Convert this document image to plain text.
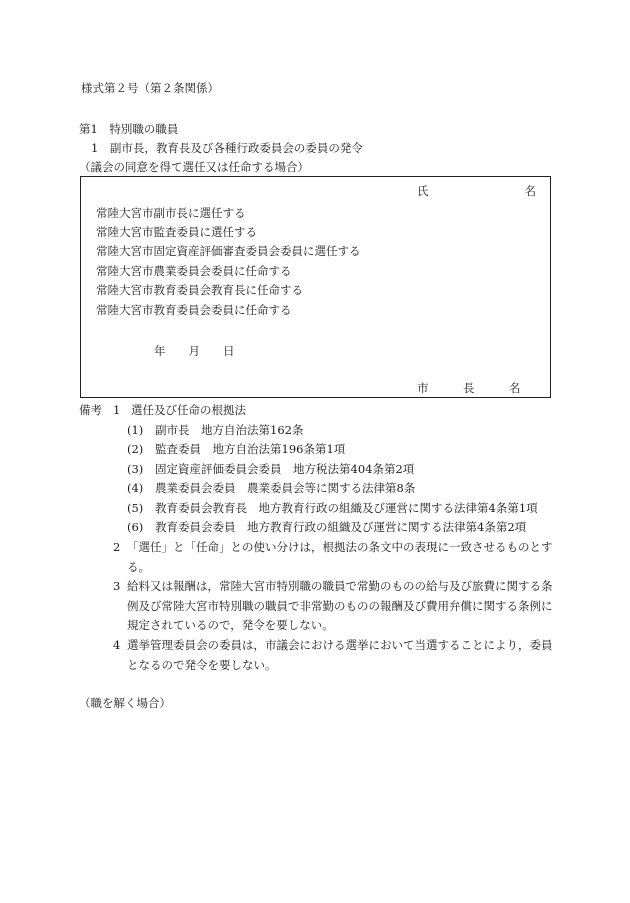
様式第２号（第２条関係）
第1　特別職の職員
1　副市長，教育長及び各種行政委員会の委員の発令
（議会の同意を得て選任又は任命する場合）
氏　　　　　　名
常陸大宮市副市長に選任する
常陸大宮市監査委員に選任する
常陸大宮市固定資産評価審査委員会委員に選任する
常陸大宮市農業委員会委員に任命する
常陸大宮市教育委員会教育長に任命する
常陸大宮市教育委員会委員に任命する
年　　月　　日
市　　　長　　　名
備考 1 選任及び任命の根拠法
(1) 副市長　地方自治法第162条
(2) 監査委員　地方自治法第196条第1項
(3) 固定資産評価委員会委員　地方税法第404条第2項
(4) 農業委員会委員　農業委員会等に関する法律第8条
(5) 教育委員会教育長　地方教育行政の組織及び運営に関する法律第4条第1項
(6) 教育委員会委員　地方教育行政の組織及び運営に関する法律第4条第2項
2 「選任」と「任命」との使い分けは，根拠法の条文中の表現に一致させるものとする。
3 給料又は報酬は，常陸大宮市特別職の職員で常勤のものの給与及び旅費に関する条例及び常陸大宮市特別職の職員で非常勤のものの報酬及び費用弁償に関する条例に規定されているので，発令を要しない。
4 選挙管理委員会の委員は，市議会における選挙において当選することにより，委員となるので発令を要しない。
（職を解く場合）
